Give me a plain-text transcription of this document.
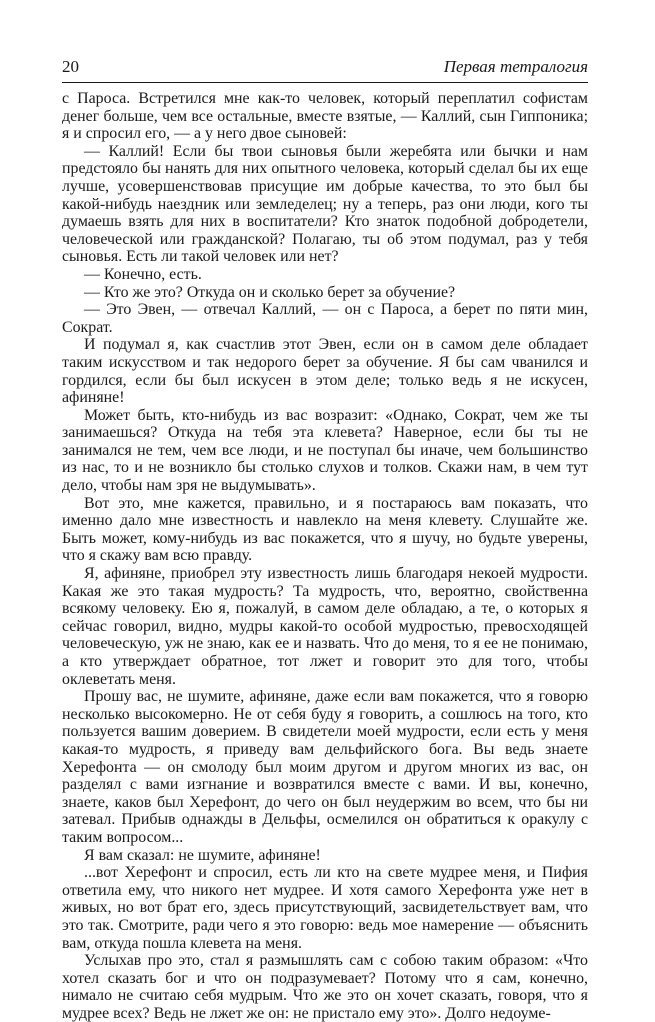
20	Первая тетралогия

с Пароса. Встретился мне как-то человек, который переплатил софистам денег больше, чем все остальные, вместе взятые, — Каллий, сын Гиппоника; я и спросил его, — а у него двое сыновей:

— Каллий! Если бы твои сыновья были жеребята или бычки и нам предстояло бы нанять для них опытного человека, который сделал бы их еще лучше, усовершенствовав присущие им добрые качества, то это был бы какой-нибудь наездник или земледелец; ну а теперь, раз они люди, кого ты думаешь взять для них в воспитатели? Кто знаток подобной добродетели, человеческой или гражданской? Полагаю, ты об этом подумал, раз у тебя сыновья. Есть ли такой человек или нет?

— Конечно, есть.

— Кто же это? Откуда он и сколько берет за обучение?

— Это Эвен, — отвечал Каллий, — он с Пароса, а берет по пяти мин, Сократ.

И подумал я, как счастлив этот Эвен, если он в самом деле обладает таким искусством и так недорого берет за обучение. Я бы сам чванился и гордился, если бы был искусен в этом деле; только ведь я не искусен, афиняне!

Может быть, кто-нибудь из вас возразит: «Однако, Сократ, чем же ты занимаешься? Откуда на тебя эта клевета? Наверное, если бы ты не занимался не тем, чем все люди, и не поступал бы иначе, чем большинство из нас, то и не возникло бы столько слухов и толков. Скажи нам, в чем тут дело, чтобы нам зря не выдумывать».

Вот это, мне кажется, правильно, и я постараюсь вам показать, что именно дало мне известность и навлекло на меня клевету. Слушайте же. Быть может, кому-нибудь из вас покажется, что я шучу, но будьте уверены, что я скажу вам всю правду.

Я, афиняне, приобрел эту известность лишь благодаря некоей мудрости. Какая же это такая мудрость? Та мудрость, что, вероятно, свойственна всякому человеку. Ею я, пожалуй, в самом деле обладаю, а те, о которых я сейчас говорил, видно, мудры какой-то особой мудростью, превосходящей человеческую, уж не знаю, как ее и назвать. Что до меня, то я ее не понимаю, а кто утверждает обратное, тот лжет и говорит это для того, чтобы оклеветать меня.

Прошу вас, не шумите, афиняне, даже если вам покажется, что я говорю несколько высокомерно. Не от себя буду я говорить, а сошлюсь на того, кто пользуется вашим доверием. В свидетели моей мудрости, если есть у меня какая-то мудрость, я приведу вам дельфийского бога. Вы ведь знаете Херефонта — он смолоду был моим другом и другом многих из вас, он разделял с вами изгнание и возвратился вместе с вами. И вы, конечно, знаете, каков был Херефонт, до чего он был неудержим во всем, что бы ни затевал. Прибыв однажды в Дельфы, осмелился он обратиться к оракулу с таким вопросом...

Я вам сказал: не шумите, афиняне!

...вот Херефонт и спросил, есть ли кто на свете мудрее меня, и Пифия ответила ему, что никого нет мудрее. И хотя самого Херефонта уже нет в живых, но вот брат его, здесь присутствующий, засвидетельствует вам, что это так. Смотрите, ради чего я это говорю: ведь мое намерение — объяснить вам, откуда пошла клевета на меня.

Услыхав про это, стал я размышлять сам с собою таким образом: «Что хотел сказать бог и что он подразумевает? Потому что я сам, конечно, нимало не считаю себя мудрым. Что же это он хочет сказать, говоря, что я мудрее всех? Ведь не лжет же он: не пристало ему это». Долго недоуме-
